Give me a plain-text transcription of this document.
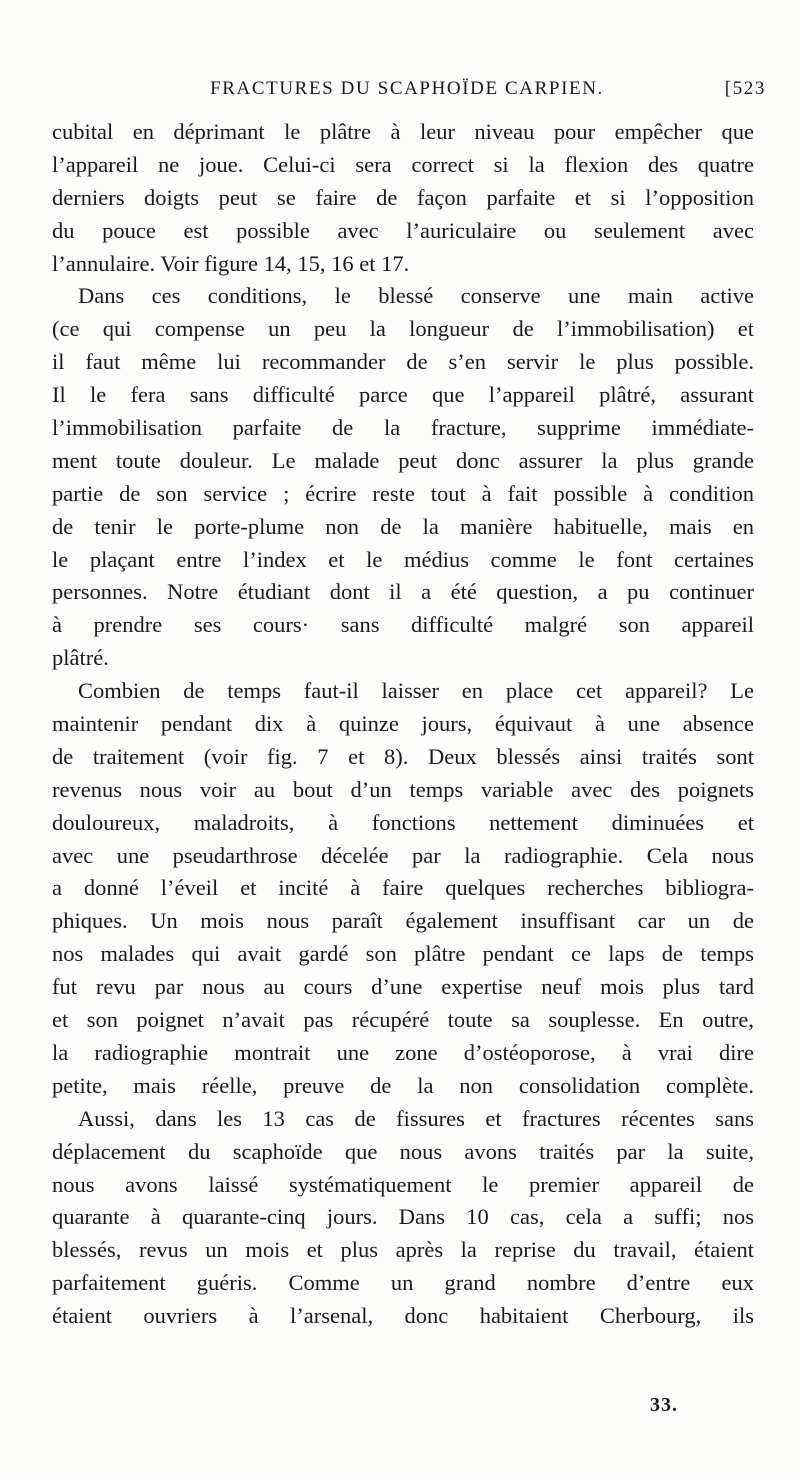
FRACTURES DU SCAPHOÏDE CARPIEN.	[523
cubital en déprimant le plâtre à leur niveau pour empêcher que
l’appareil ne joue. Celui-ci sera correct si la flexion des quatre
derniers doigts peut se faire de façon parfaite et si l’opposition
du pouce est possible avec l’auriculaire ou seulement avec
l’annulaire. Voir figure 14, 15, 16 et 17.
Dans ces conditions, le blessé conserve une main active
(ce qui compense un peu la longueur de l’immobilisation) et
il faut même lui recommander de s’en servir le plus possible.
Il le fera sans difficulté parce que l’appareil plâtré, assurant
l’immobilisation parfaite de la fracture, supprime immédiate-
ment toute douleur. Le malade peut donc assurer la plus grande
partie de son service ; écrire reste tout à fait possible à condition
de tenir le porte-plume non de la manière habituelle, mais en
le plaçant entre l’index et le médius comme le font certaines
personnes. Notre étudiant dont il a été question, a pu continuer
à prendre ses cours· sans difficulté malgré son appareil
plâtré.
Combien de temps faut-il laisser en place cet appareil? Le
maintenir pendant dix à quinze jours, équivaut à une absence
de traitement (voir fig. 7 et 8). Deux blessés ainsi traités sont
revenus nous voir au bout d’un temps variable avec des poignets
douloureux, maladroits, à fonctions nettement diminuées et
avec une pseudarthrose décelée par la radiographie. Cela nous
a donné l’éveil et incité à faire quelques recherches bibliogra-
phiques. Un mois nous paraît également insuffisant car un de
nos malades qui avait gardé son plâtre pendant ce laps de temps
fut revu par nous au cours d’une expertise neuf mois plus tard
et son poignet n’avait pas récupéré toute sa souplesse. En outre,
la radiographie montrait une zone d’ostéoporose, à vrai dire
petite, mais réelle, preuve de la non consolidation complète.
Aussi, dans les 13 cas de fissures et fractures récentes sans
déplacement du scaphoïde que nous avons traités par la suite,
nous avons laissé systématiquement le premier appareil de
quarante à quarante-cinq jours. Dans 10 cas, cela a suffi; nos
blessés, revus un mois et plus après la reprise du travail, étaient
parfaitement guéris. Comme un grand nombre d’entre eux
étaient ouvriers à l’arsenal, donc habitaient Cherbourg, ils
33.
